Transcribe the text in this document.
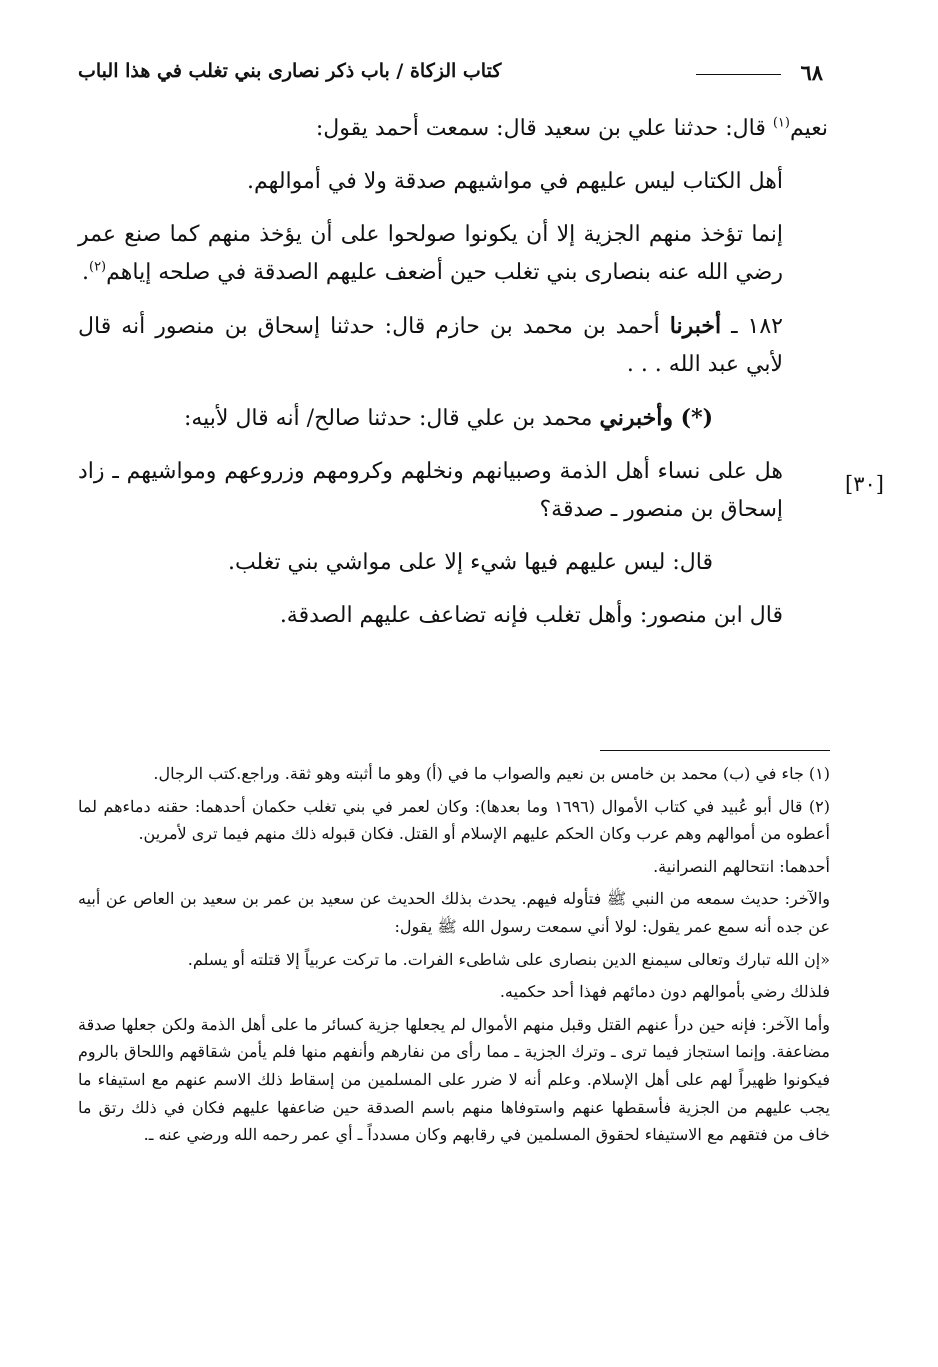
٦٨
كتاب الزكاة / باب ذكر نصارى بني تغلب في هذا الباب
[٣٠]

نعيم$^{(١)}$ قال: حدثنا علي بن سعيد قال: سمعت أحمد يقول:

أهل الكتاب ليس عليهم في مواشيهم صدقة ولا في أموالهم.

إنما تؤخذ منهم الجزية إلا أن يكونوا صولحوا على أن يؤخذ منهم كما صنع عمر رضي الله عنه بنصارى بني تغلب حين أضعف عليهم الصدقة في صلحه إياهم$^{(٢)}$.

١٨٢ ـ أخبرنا أحمد بن محمد بن حازم قال: حدثنا إسحاق بن منصور أنه قال لأبي عبد الله . . .

(*) وأخبرني محمد بن علي قال: حدثنا صالح/ أنه قال لأبيه:

هل على نساء أهل الذمة وصبيانهم ونخلهم وكرومهم وزروعهم ومواشيهم ـ زاد إسحاق بن منصور ـ صدقة؟

قال: ليس عليهم فيها شيء إلا على مواشي بني تغلب.

قال ابن منصور: وأهل تغلب فإنه تضاعف عليهم الصدقة.

(١) جاء في (ب) محمد بن خامس بن نعيم والصواب ما في (أ) وهو ما أثبته وهو ثقة. وراجع.كتب الرجال.

(٢) قال أبو عُبيد في كتاب الأموال (١٦٩٦ وما بعدها): وكان لعمر في بني تغلب حكمان أحدهما: حقنه دماءهم لما أعطوه من أموالهم وهم عرب وكان الحكم عليهم الإسلام أو القتل. فكان قبوله ذلك منهم فيما ترى لأمرين.

أحدهما: انتحالهم النصرانية.

والآخر: حديث سمعه من النبي ﷺ فتأوله فيهم. يحدث بذلك الحديث عن سعيد بن عمر بن سعيد بن العاص عن أبيه عن جده أنه سمع عمر يقول: لولا أني سمعت رسول الله ﷺ يقول:

«إن الله تبارك وتعالى سيمنع الدين بنصارى على شاطىء الفرات. ما تركت عربياً إلا قتلته أو يسلم.

فلذلك رضي بأموالهم دون دمائهم فهذا أحد حكميه.

وأما الآخر: فإنه حين درأ عنهم القتل وقبل منهم الأموال لم يجعلها جزية كسائر ما على أهل الذمة ولكن جعلها صدقة مضاعفة. وإنما استجاز فيما ترى ـ وترك الجزية ـ مما رأى من نفارهم وأنفهم منها فلم يأمن شقاقهم واللحاق بالروم فيكونوا ظهيراً لهم على أهل الإسلام. وعلم أنه لا ضرر على المسلمين من إسقاط ذلك الاسم عنهم مع استيفاء ما يجب عليهم من الجزية فأسقطها عنهم واستوفاها منهم باسم الصدقة حين ضاعفها عليهم فكان في ذلك رتق ما خاف من فتقهم مع الاستيفاء لحقوق المسلمين في رقابهم وكان مسدداً ـ أي عمر رحمه الله ورضي عنه ـ.
